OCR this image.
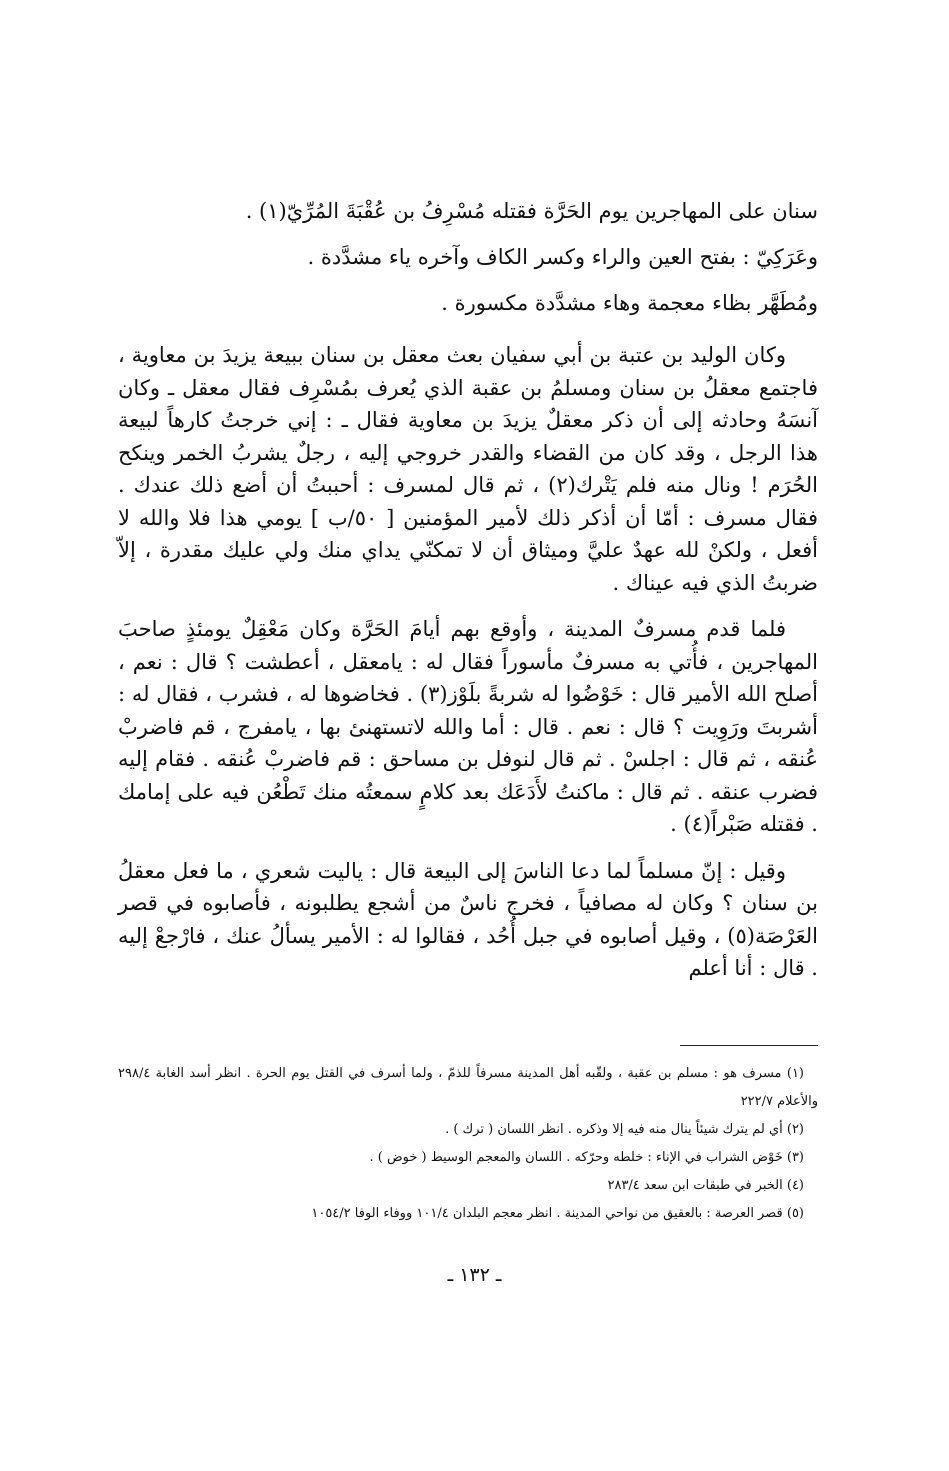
سنان على المهاجرين يوم الحَرَّة فقتله مُسْرِفُ بن عُقْبَةَ المُرِّيّ(١) .

وعَرَكِيّ : بفتح العين والراء وكسر الكاف وآخره ياء مشدَّدة .

ومُطَهَّر بظاء معجمة وهاء مشدَّدة مكسورة .

وكان الوليد بن عتبة بن أبي سفيان بعث معقل بن سنان ببيعة يزيدَ بن معاوية ، فاجتمع معقلُ بن سنان ومسلمُ بن عقبة الذي يُعرف بمُسْرِف فقال معقل ـ وكان آنسَهُ وحادثه إلى أن ذكر معقلٌ يزيدَ بن معاوية فقال ـ : إني خرجتُ كارهاً لبيعة هذا الرجل ، وقد كان من القضاء والقدر خروجي إليه ، رجلٌ يشربُ الخمر وينكح الحُرَم ! ونال منه فلم يَتْرك(٢) ، ثم قال لمسرف : أحببتُ أن أضع ذلك عندك . فقال مسرف : أمّا أن أذكر ذلك لأمير المؤمنين [ ٥٠/ب ] يومي هذا فلا والله لا أفعل ، ولكنْ لله عهدٌ عليَّ وميثاق أن لا تمكنّي يداي منك ولي عليك مقدرة ، إلاّ ضربتُ الذي فيه عيناك .

فلما قدم مسرفٌ المدينة ، وأوقع بهم أيامَ الحَرَّة وكان مَعْقِلٌ يومئذٍ صاحبَ المهاجرين ، فأُتي به مسرفٌ مأسوراً فقال له : يامعقل ، أعطشت ؟ قال : نعم ، أصلح الله الأمير قال : خَوْضُوا له شربةً بلَوْز(٣) . فخاضوها له ، فشرب ، فقال له : أشربتَ ورَوِيت ؟ قال : نعم . قال : أما والله لاتستهنئ بها ، يامفرج ، قم فاضربْ عُنقه ، ثم قال : اجلسْ . ثم قال لنوفل بن مساحق : قم فاضربْ عُنقه . فقام إليه فضرب عنقه . ثم قال : ماكنتُ لأَدَعَك بعد كلامٍ سمعتُه منك تَطْعُن فيه على إمامك . فقتله صَبْراً(٤) .

وقيل : إنّ مسلماً لما دعا الناسَ إلى البيعة قال : ياليت شعري ، ما فعل معقلُ بن سنان ؟ وكان له مصافياً ، فخرج ناسٌ من أشجع يطلبونه ، فأصابوه في قصر العَرْصَة(٥) ، وقيل أصابوه في جبل أُحُد ، فقالوا له : الأمير يسألُ عنك ، فارْجعْ إليه . قال : أنا أعلم

(١) مسرف هو : مسلم بن عقبة ، ولقّبه أهل المدينة مسرفاً للذمّ ، ولما أسرف في القتل يوم الحرة . انظر أسد الغابة ٢٩٨/٤ والأعلام ٢٢٢/٧

(٢) أي لم يترك شيئاً ينال منه فيه إلا وذكره . انظر اللسان ( ترك ) .

(٣) خَوْض الشراب في الإناء : خلطه وحرّكه . اللسان والمعجم الوسيط ( خوض ) .

(٤) الخبر في طبقات ابن سعد ٢٨٣/٤

(٥) قصر العرصة : بالعقيق من نواحي المدينة . انظر معجم البلدان ١٠١/٤ ووفاء الوفا ١٠٥٤/٢

ـ ١٣٢ ـ
